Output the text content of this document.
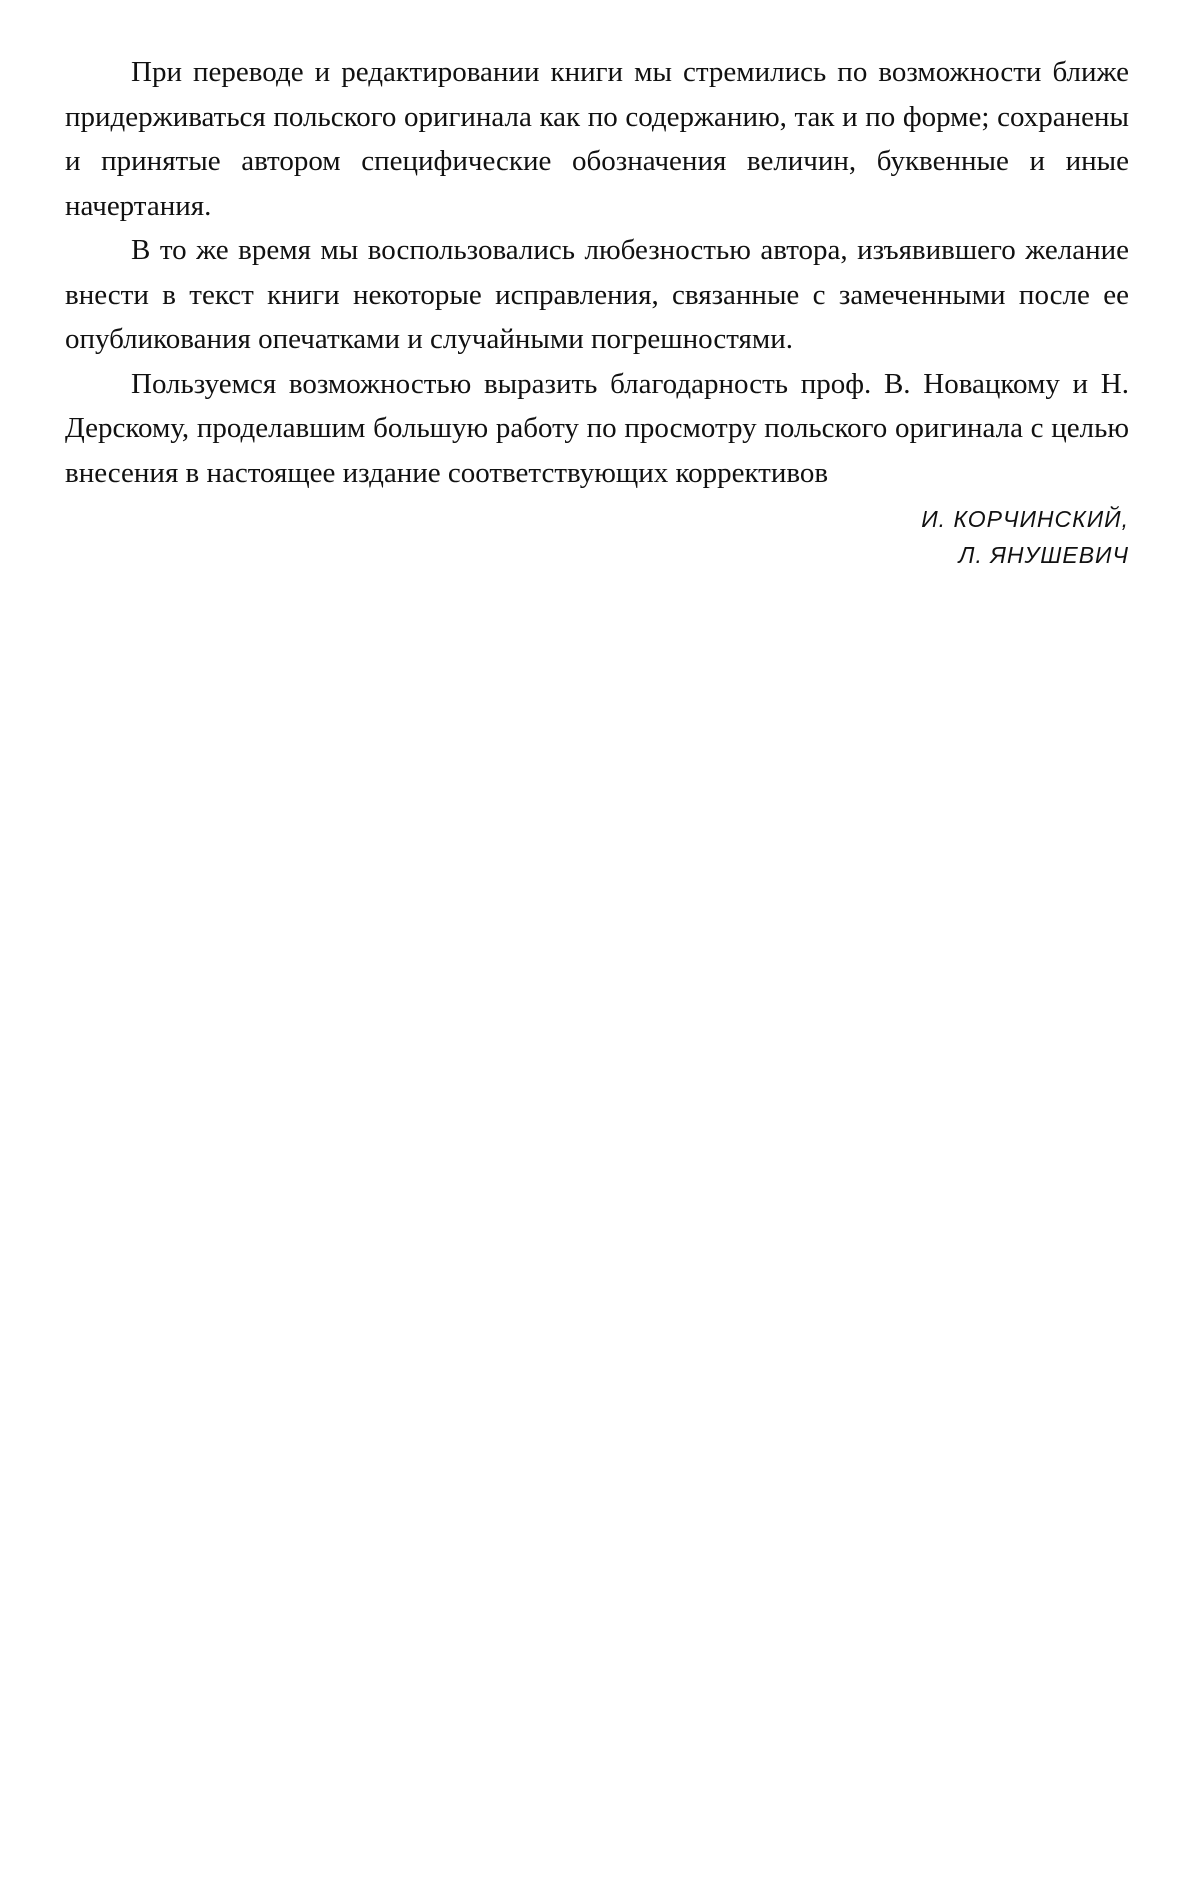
При переводе и редактировании книги мы стремились по возможности ближе придерживаться польского оригинала как по содержанию, так и по форме; сохранены и принятые автором специфические обозначения величин, буквенные и иные начертания.

В то же время мы воспользовались любезностью автора, изъявившего желание внести в текст книги некоторые исправления, связанные с замеченными после ее опубликования опечатками и случайными погрешностями.

Пользуемся возможностью выразить благодарность проф. В. Новацкому и Н. Дерскому, проделавшим большую работу по просмотру польского оригинала с целью внесения в настоящее издание соответствующих коррективов

И. КОРЧИНСКИЙ,
Л. ЯНУШЕВИЧ
